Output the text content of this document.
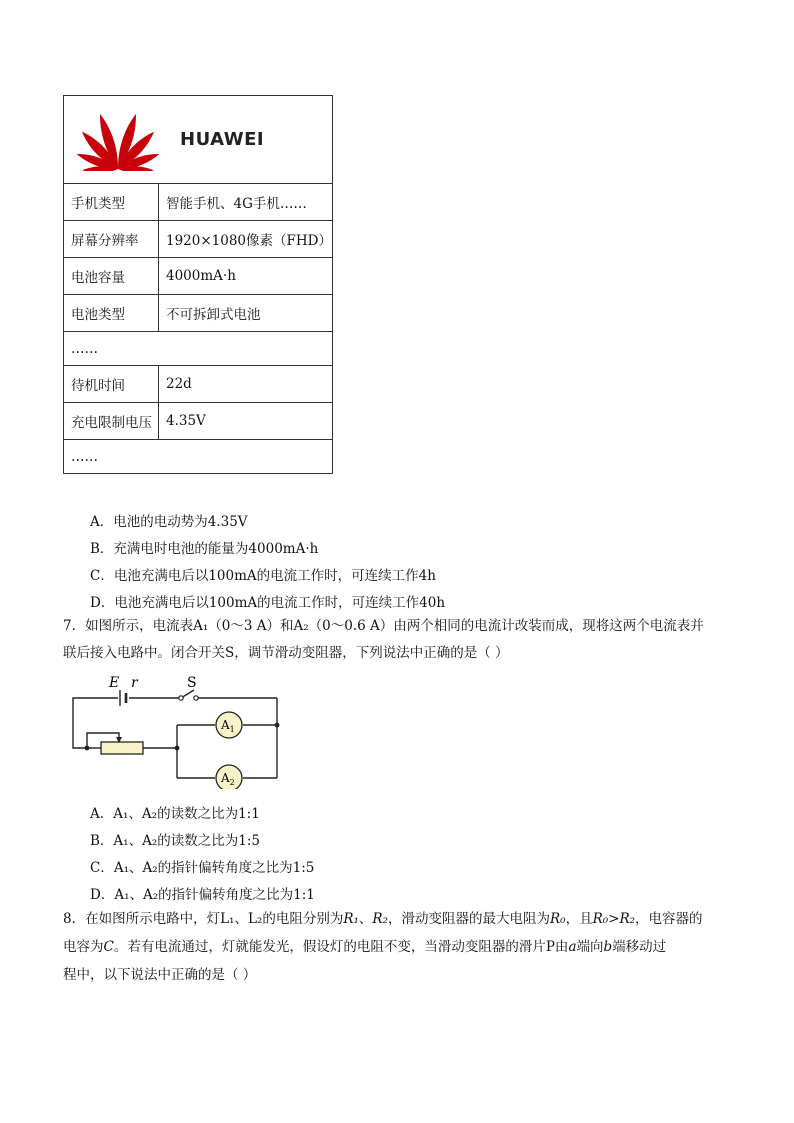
HUAWEI	

手机类型	智能手机、4G手机……
屏幕分辨率	1920×1080像素（FHD）
电池容量	4000mA·h
电池类型	不可拆卸式电池
……	
待机时间	22d
充电限制电压	4.35V
……	
A．电池的电动势为4.35V
B．充满电时电池的能量为4000mA·h
C．电池充满电后以100mA的电流工作时，可连续工作4h
D．电池充满电后以100mA的电流工作时，可连续工作40h
7．如图所示，电流表A₁（0～3 A）和A₂（0～0.6 A）由两个相同的电流计改装而成，现将这两个电流表并
联后接入电路中。闭合开关S，调节滑动变阻器，下列说法中正确的是（ ）
E r	S
$A_1$
$A_2$
A．A₁、A₂的读数之比为1:1
B．A₁、A₂的读数之比为1:5
C．A₁、A₂的指针偏转角度之比为1:5
D．A₁、A₂的指针偏转角度之比为1:1
8．在如图所示电路中，灯L₁、L₂的电阻分别为R₁、R₂，滑动变阻器的最大电阻为R₀，且R₀>R₂，电容器的
电容为C。若有电流通过，灯就能发光，假设灯的电阻不变，当滑动变阻器的滑片P由a端向b端移动过
程中，以下说法中正确的是（ ）
